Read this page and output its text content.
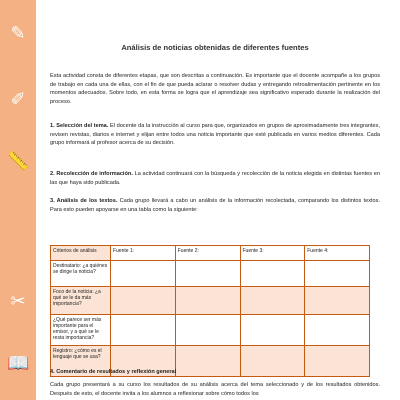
✎
✐
📏
✂
📖
Análisis de noticias obtenidas de diferentes fuentes

Esta actividad consta de diferentes etapas, que son descritas a continuación. Es importante que el docente acompañe a los grupos de trabajo en cada una de ellas, con el fin de que pueda aclarar o resolver dudas y entregando retroalimentación pertinente en los momentos adecuados. Sobre todo, en esta forma se logra que el aprendizaje sea significativo esperado durante la realización del proceso.

1. Selección del tema. El docente da la instrucción al curso para que, organizados en grupos de aproximadamente tres integrantes, revisen revistas, diarios e internet y elijan entre todos una noticia importante que esté publicada en varios medios diferentes. Cada grupo informará al profesor acerca de su decisión.

2. Recolección de información. La actividad continuará con la búsqueda y recolección de la noticia elegida en distintas fuentes en las que haya sido publicada.

3. Análisis de los textos. Cada grupo llevará a cabo un análisis de la información recolectada, comparando los distintos textos. Para esto pueden apoyarse en una tabla como la siguiente:

Criterios de análisis	Fuente 1:	Fuente 2:	Fuente 3:	Fuente 4:
Destinatario: ¿a quiénes se dirige la noticia?				
Foco de la noticia: ¿a qué se le da más importancia?				
¿Qué parece ser más importante para el emisor, y a qué se le resta importancia?				
Registro: ¿cómo es el lenguaje que se usa?				

4. Comentario de resultados y reflexión general

Cada grupo presentará a su curso los resultados de su análisis acerca del tema seleccionado y de los resultados obtenidos. Después de esto, el docente invita a los alumnos a reflexionar sobre cómo todos los
